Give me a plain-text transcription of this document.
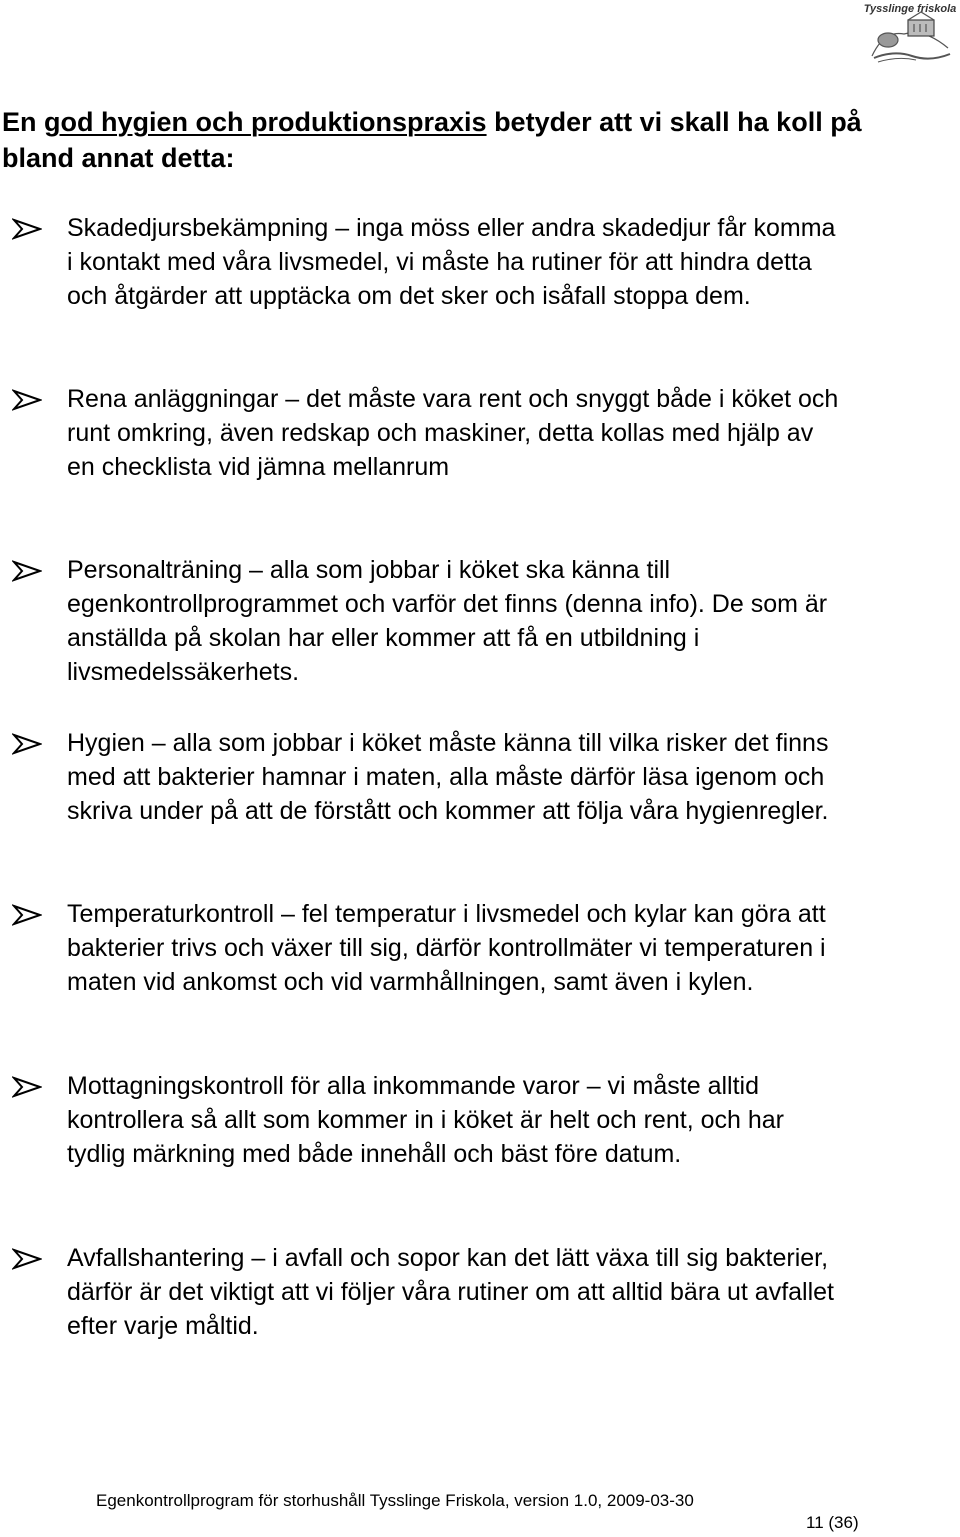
Tysslinge friskola
En god hygien och produktionspraxis betyder att vi skall ha koll på bland annat detta:
Skadedjursbekämpning – inga möss eller andra skadedjur får komma i kontakt med våra livsmedel, vi måste ha rutiner för att hindra detta och åtgärder att upptäcka om det sker och isåfall stoppa dem.
Rena anläggningar – det måste vara rent och snyggt både i köket och runt omkring, även redskap och maskiner, detta kollas med hjälp av en checklista vid jämna mellanrum
Personalträning – alla som jobbar i köket ska känna till egenkontrollprogrammet och varför det finns (denna info). De som är anställda på skolan har eller kommer att få en utbildning i livsmedelssäkerhets.
Hygien – alla som jobbar i köket måste känna till vilka risker det finns med att bakterier hamnar i maten, alla måste därför läsa igenom och skriva under på att de förstått och kommer att följa våra hygienregler.
Temperaturkontroll – fel temperatur i livsmedel och kylar kan göra att bakterier trivs och växer till sig, därför kontrollmäter vi temperaturen i maten vid ankomst och vid varmhållningen, samt även i kylen.
Mottagningskontroll för alla inkommande varor – vi måste alltid kontrollera så allt som kommer in i köket är helt och rent, och har tydlig märkning med både innehåll och bäst före datum.
Avfallshantering – i avfall och sopor kan det lätt växa till sig bakterier, därför är det viktigt att vi följer våra rutiner om att alltid bära ut avfallet efter varje måltid.
Egenkontrollprogram för storhushåll Tysslinge Friskola, version 1.0, 2009-03-30
11 (36)
